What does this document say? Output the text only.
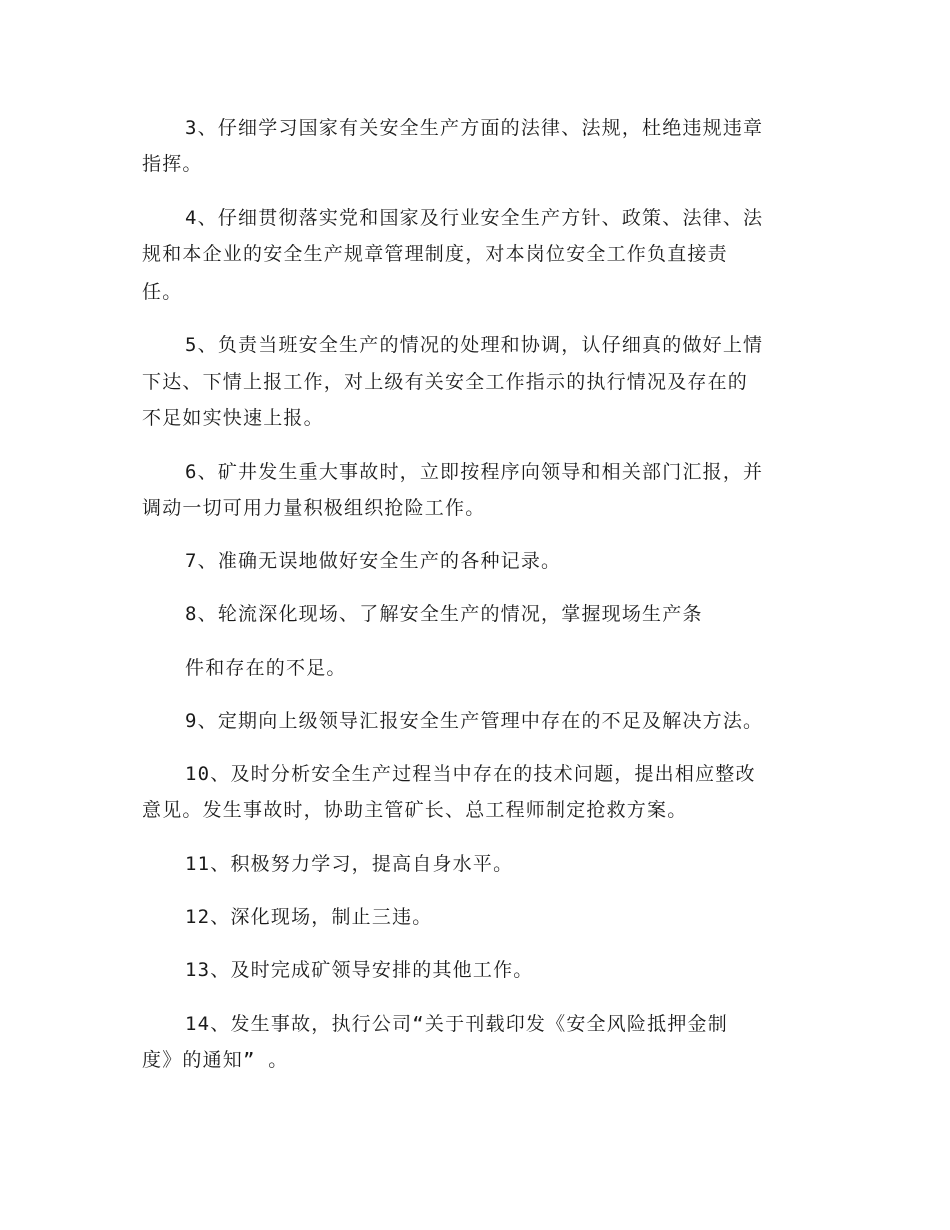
3、仔细学习国家有关安全生产方面的法律、法规，杜绝违规违章
指挥。
4、仔细贯彻落实党和国家及行业安全生产方针、政策、法律、法
规和本企业的安全生产规章管理制度，对本岗位安全工作负直接责
任。
5、负责当班安全生产的情况的处理和协调，认仔细真的做好上情
下达、下情上报工作，对上级有关安全工作指示的执行情况及存在的
不足如实快速上报。
6、矿井发生重大事故时，立即按程序向领导和相关部门汇报，并
调动一切可用力量积极组织抢险工作。
7、准确无误地做好安全生产的各种记录。
8、轮流深化现场、了解安全生产的情况，掌握现场生产条
件和存在的不足。
9、定期向上级领导汇报安全生产管理中存在的不足及解决方法。
10、及时分析安全生产过程当中存在的技术问题，提出相应整改
意见。发生事故时，协助主管矿长、总工程师制定抢救方案。
11、积极努力学习，提高自身水平。
12、深化现场，制止三违。
13、及时完成矿领导安排的其他工作。
14、发生事故，执行公司“关于刊载印发《安全风险抵押金制
度》的通知” 。
